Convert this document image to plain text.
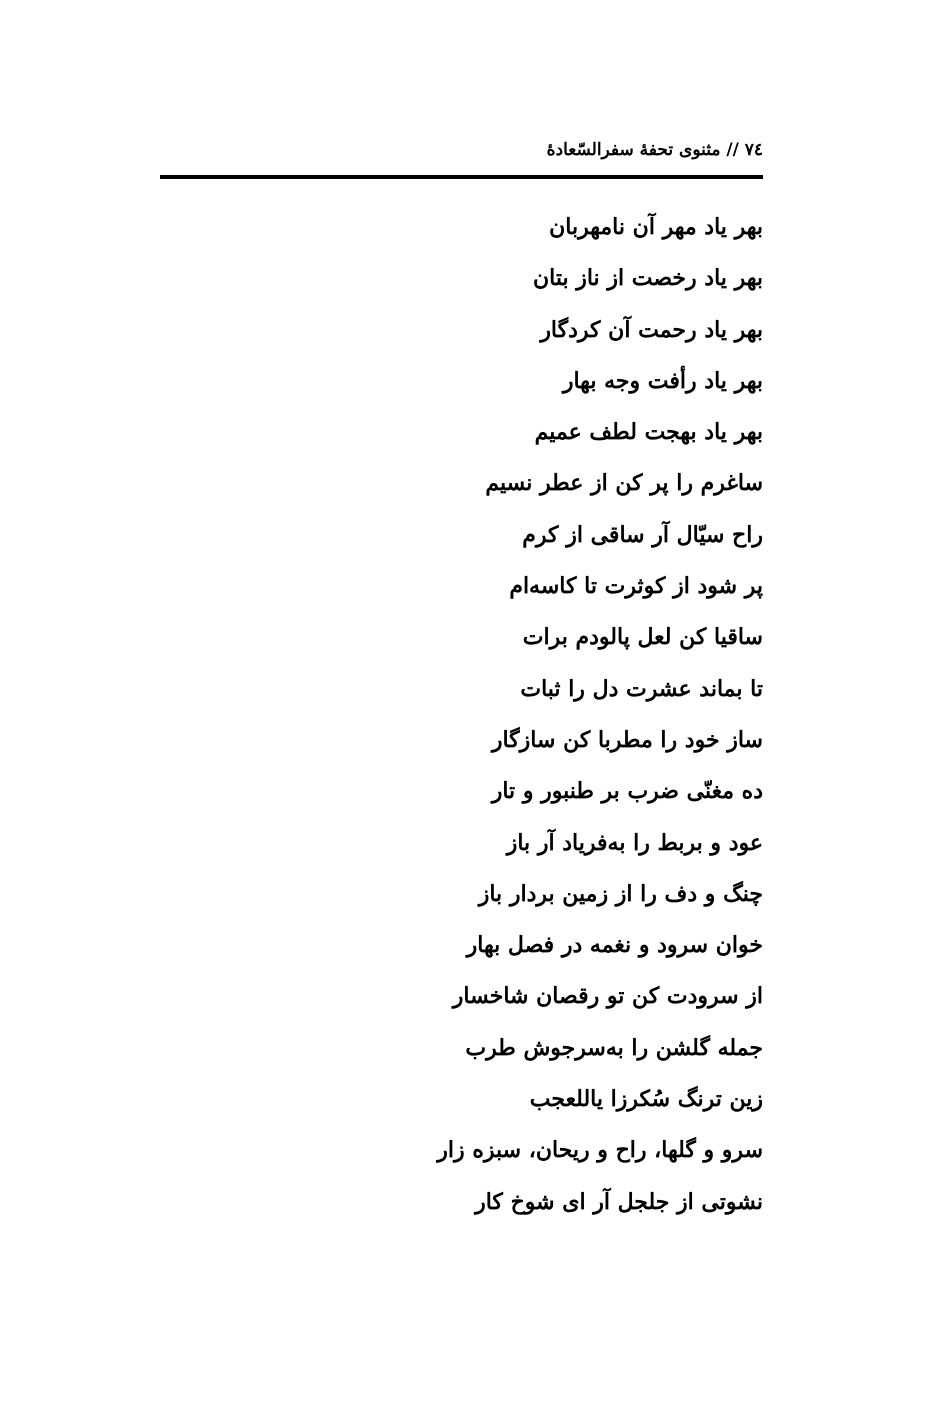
۷٤ // مثنوی تحفهٔ سفرالسّعادهٔ
بهر یاد مهر آن نامهربان
بهر یاد رخصت از ناز بتان
بهر یاد رحمت آن کردگار
بهر یاد رأفت وجه بهار
بهر یاد بهجت لطف عمیم
ساغرم را پر کن از عطر نسیم
راح سیّال آر ساقی از کرم
پر شود از کوثرت تا کاسه‌ام
ساقیا کن لعل پالودم برات
تا بماند عشرت دل را ثبات
ساز خود را مطربا کن سازگار
ده مغنّی ضرب بر طنبور و تار
عود و بربط را به‌فریاد آر باز
چنگ و دف را از زمین بردار باز
خوان سرود و نغمه در فصل بهار
از سرودت کن تو رقصان شاخسار
جمله گلشن را به‌سرجوش طرب
زین ترنگ سُکرزا یاللعجب
سرو و گلها، راح و ریحان، سبزه زار
نشوتی از جلجل آر ای شوخ کار
